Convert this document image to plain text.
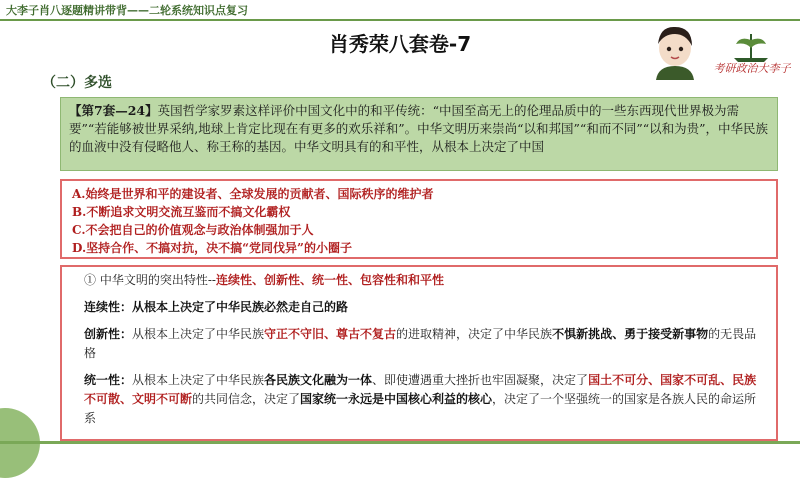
大李子肖八逐题精讲带背——二轮系统知识点复习
肖秀荣八套卷-7
考研政治大李子
（二）多选
【第7套—24】英国哲学家罗素这样评价中国文化中的和平传统：“中国至高无上的伦理品质中的一些东西现代世界极为需要”“若能够被世界采纳,地球上肯定比现在有更多的欢乐祥和”。中华文明历来崇尚“以和邦国”“和而不同”“以和为贵”，中华民族的血液中没有侵略他人、称王称的基因。中华文明具有的和平性，从根本上决定了中国
A.始终是世界和平的建设者、全球发展的贡献者、国际秩序的维护者
B.不断追求文明交流互鉴而不搞文化霸权
C.不会把自己的价值观念与政治体制强加于人
D.坚持合作、不搞对抗，决不搞“党同伐异”的小圈子
① 中华文明的突出特性--连续性、创新性、统一性、包容性和和平性
连续性：从根本上决定了中华民族必然走自己的路
创新性：从根本上决定了中华民族守正不守旧、尊古不复古的进取精神，决定了中华民族不惧新挑战、勇于接受新事物的无畏品格
统一性：从根本上决定了中华民族各民族文化融为一体、即使遭遇重大挫折也牢固凝聚，决定了国土不可分、国家不可乱、民族不可散、文明不可断的共同信念，决定了国家统一永远是中国核心利益的核心，决定了一个坚强统一的国家是各族人民的命运所系
